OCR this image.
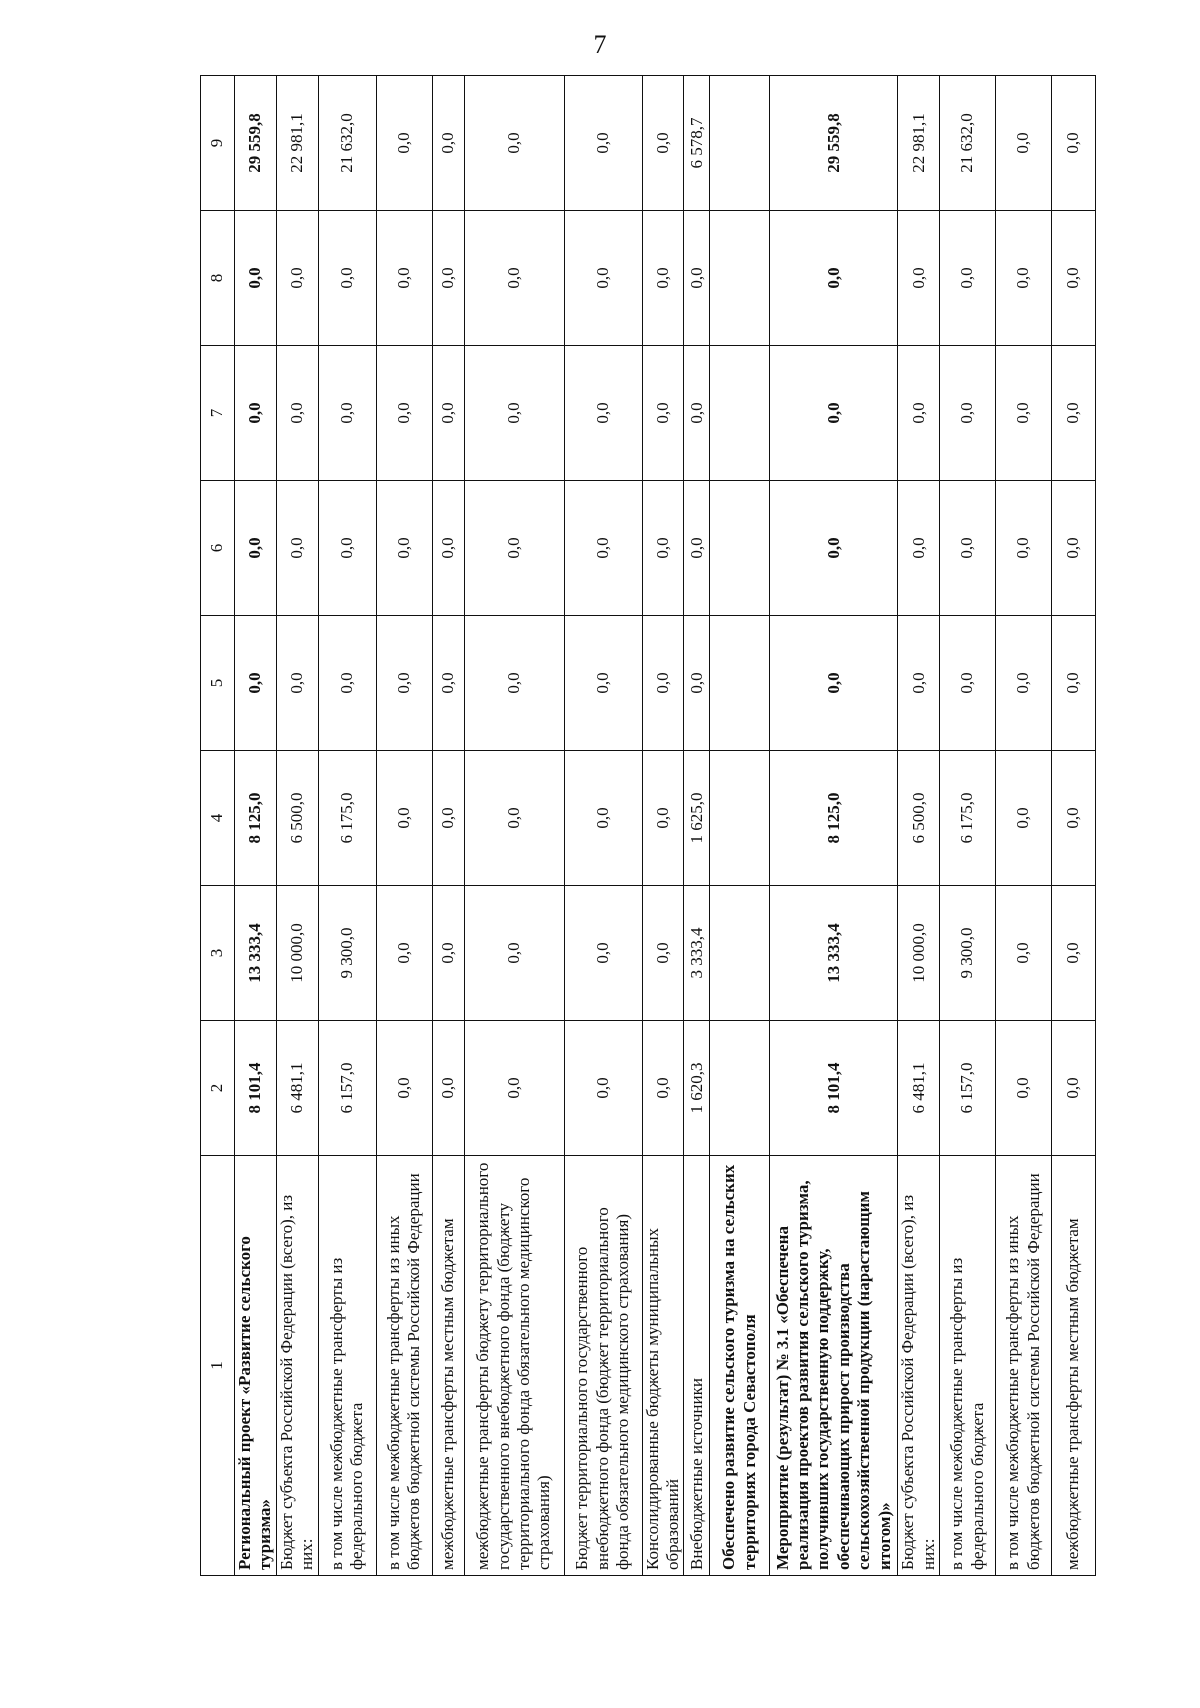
7
1	2	3	4	5	6	7	8	9
Региональный проект «Развитие сельского туризма»	8 101,4	13 333,4	8 125,0	0,0	0,0	0,0	0,0	29 559,8
Бюджет субъекта Российской Федерации (всего), из них:	6 481,1	10 000,0	6 500,0	0,0	0,0	0,0	0,0	22 981,1
в том числе межбюджетные трансферты из федерального бюджета	6 157,0	9 300,0	6 175,0	0,0	0,0	0,0	0,0	21 632,0
в том числе межбюджетные трансферты из иных бюджетов бюджетной системы Российской Федерации	0,0	0,0	0,0	0,0	0,0	0,0	0,0	0,0
межбюджетные трансферты местным бюджетам	0,0	0,0	0,0	0,0	0,0	0,0	0,0	0,0
межбюджетные трансферты бюджету территориального государственного внебюджетного фонда (бюджету территориального фонда обязательного медицинского страхования)	0,0	0,0	0,0	0,0	0,0	0,0	0,0	0,0
Бюджет территориального государственного внебюджетного фонда (бюджет территориального фонда обязательного медицинского страхования)	0,0	0,0	0,0	0,0	0,0	0,0	0,0	0,0
Консолидированные бюджеты муниципальных образований	0,0	0,0	0,0	0,0	0,0	0,0	0,0	0,0
Внебюджетные источники	1 620,3	3 333,4	1 625,0	0,0	0,0	0,0	0,0	6 578,7
Обеспечено развитие сельского туризма на сельских территориях города Севастополя								
Мероприятие (результат) № 3.1 «Обеспечена реализация проектов развития сельского туризма, получивших государственную поддержку, обеспечивающих прирост производства сельскохозяйственной продукции (нарастающим итогом)»	8 101,4	13 333,4	8 125,0	0,0	0,0	0,0	0,0	29 559,8
Бюджет субъекта Российской Федерации (всего), из них:	6 481,1	10 000,0	6 500,0	0,0	0,0	0,0	0,0	22 981,1
в том числе межбюджетные трансферты из федерального бюджета	6 157,0	9 300,0	6 175,0	0,0	0,0	0,0	0,0	21 632,0
в том числе межбюджетные трансферты из иных бюджетов бюджетной системы Российской Федерации	0,0	0,0	0,0	0,0	0,0	0,0	0,0	0,0
межбюджетные трансферты местным бюджетам	0,0	0,0	0,0	0,0	0,0	0,0	0,0	0,0
